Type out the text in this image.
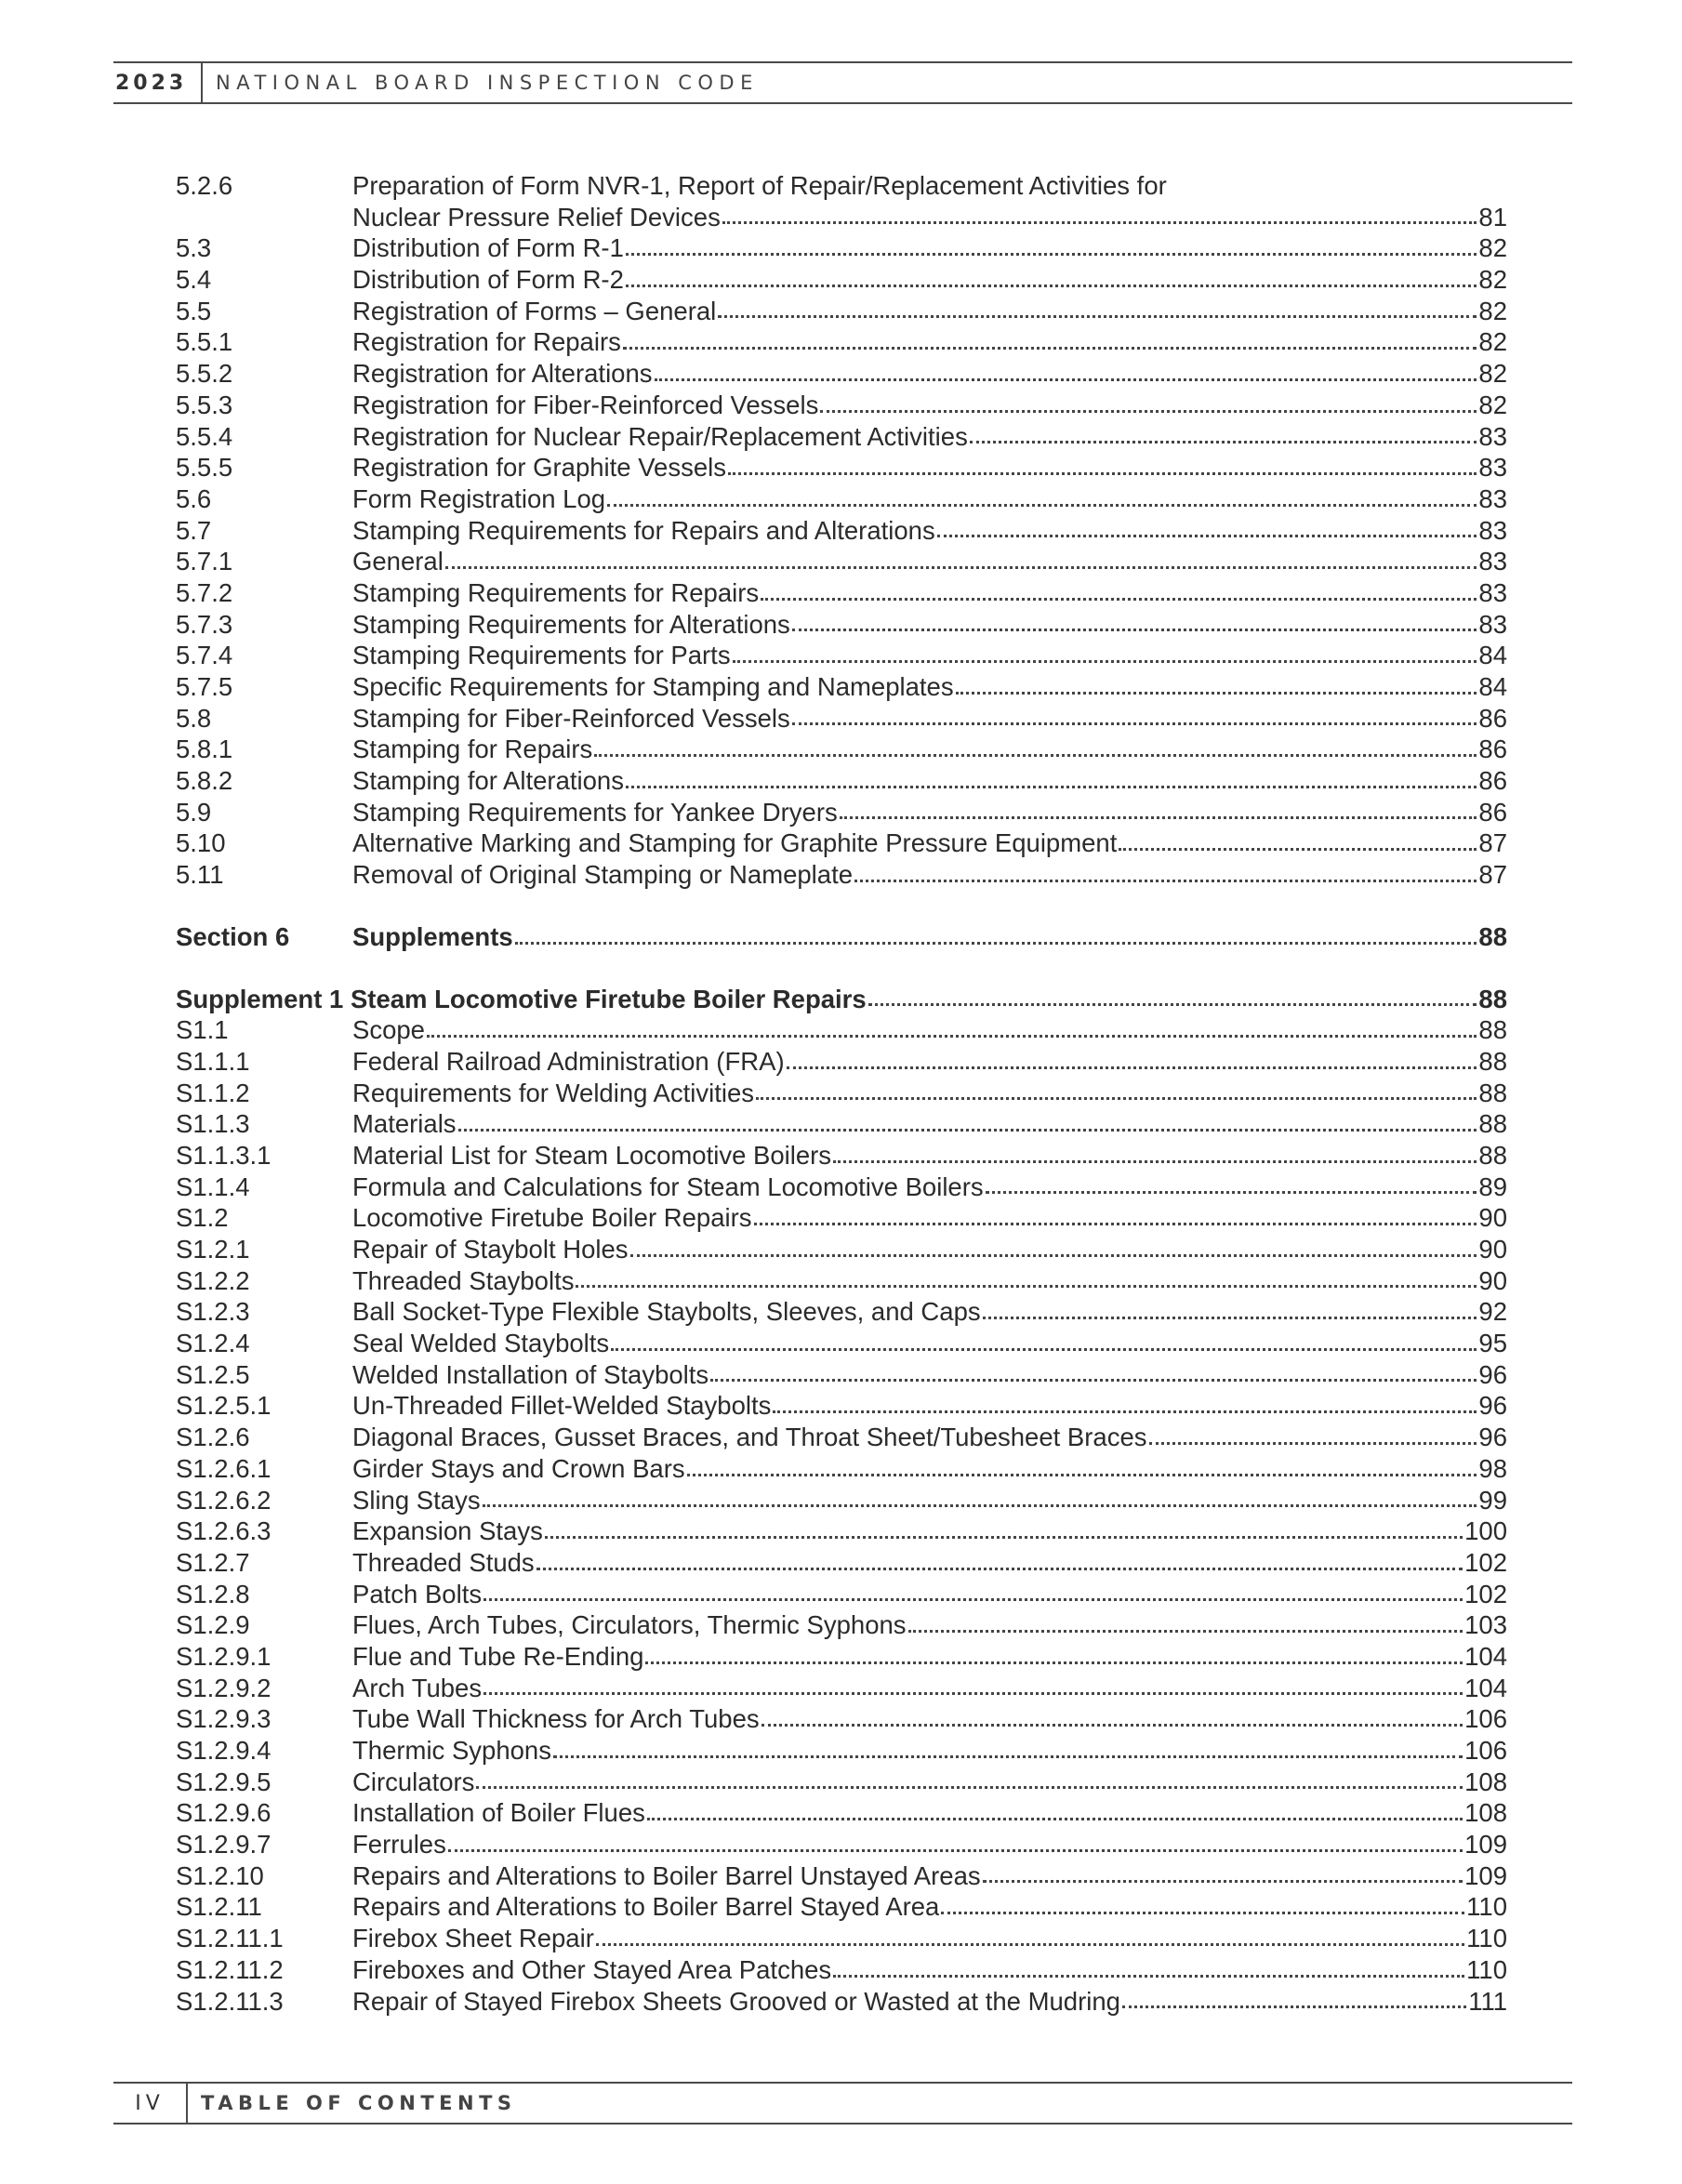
2023	NATIONAL BOARD INSPECTION CODE
5.2.6	Preparation of Form NVR-1, Report of Repair/Replacement Activities for
Nuclear Pressure Relief Devices	81
5.3	Distribution of Form R-1	82
5.4	Distribution of Form R-2	82
5.5	Registration of Forms – General	82
5.5.1	Registration for Repairs	82
5.5.2	Registration for Alterations	82
5.5.3	Registration for Fiber-Reinforced Vessels	82
5.5.4	Registration for Nuclear Repair/Replacement Activities	83
5.5.5	Registration for Graphite Vessels	83
5.6	Form Registration Log	83
5.7	Stamping Requirements for Repairs and Alterations	83
5.7.1	General	83
5.7.2	Stamping Requirements for Repairs	83
5.7.3	Stamping Requirements for Alterations	83
5.7.4	Stamping Requirements for Parts	84
5.7.5	Specific Requirements for Stamping and Nameplates	84
5.8	Stamping for Fiber-Reinforced Vessels	86
5.8.1	Stamping for Repairs	86
5.8.2	Stamping for Alterations	86
5.9	Stamping Requirements for Yankee Dryers	86
5.10	Alternative Marking and Stamping for Graphite Pressure Equipment	87
5.11	Removal of Original Stamping or Nameplate	87
Section 6	Supplements	88
Supplement 1 Steam Locomotive Firetube Boiler Repairs	88
S1.1	Scope	88
S1.1.1	Federal Railroad Administration (FRA)	88
S1.1.2	Requirements for Welding Activities	88
S1.1.3	Materials	88
S1.1.3.1	Material List for Steam Locomotive Boilers	88
S1.1.4	Formula and Calculations for Steam Locomotive Boilers	89
S1.2	Locomotive Firetube Boiler Repairs	90
S1.2.1	Repair of Staybolt Holes	90
S1.2.2	Threaded Staybolts	90
S1.2.3	Ball Socket-Type Flexible Staybolts, Sleeves, and Caps	92
S1.2.4	Seal Welded Staybolts	95
S1.2.5	Welded Installation of Staybolts	96
S1.2.5.1	Un-Threaded Fillet-Welded Staybolts	96
S1.2.6	Diagonal Braces, Gusset Braces, and Throat Sheet/Tubesheet Braces	96
S1.2.6.1	Girder Stays and Crown Bars	98
S1.2.6.2	Sling Stays	99
S1.2.6.3	Expansion Stays	100
S1.2.7	Threaded Studs	102
S1.2.8	Patch Bolts	102
S1.2.9	Flues, Arch Tubes, Circulators, Thermic Syphons	103
S1.2.9.1	Flue and Tube Re-Ending	104
S1.2.9.2	Arch Tubes	104
S1.2.9.3	Tube Wall Thickness for Arch Tubes	106
S1.2.9.4	Thermic Syphons	106
S1.2.9.5	Circulators	108
S1.2.9.6	Installation of Boiler Flues	108
S1.2.9.7	Ferrules	109
S1.2.10	Repairs and Alterations to Boiler Barrel Unstayed Areas	109
S1.2.11	Repairs and Alterations to Boiler Barrel Stayed Area	110
S1.2.11.1	Firebox Sheet Repair	110
S1.2.11.2	Fireboxes and Other Stayed Area Patches	110
S1.2.11.3	Repair of Stayed Firebox Sheets Grooved or Wasted at the Mudring	111
IV	TABLE OF CONTENTS
